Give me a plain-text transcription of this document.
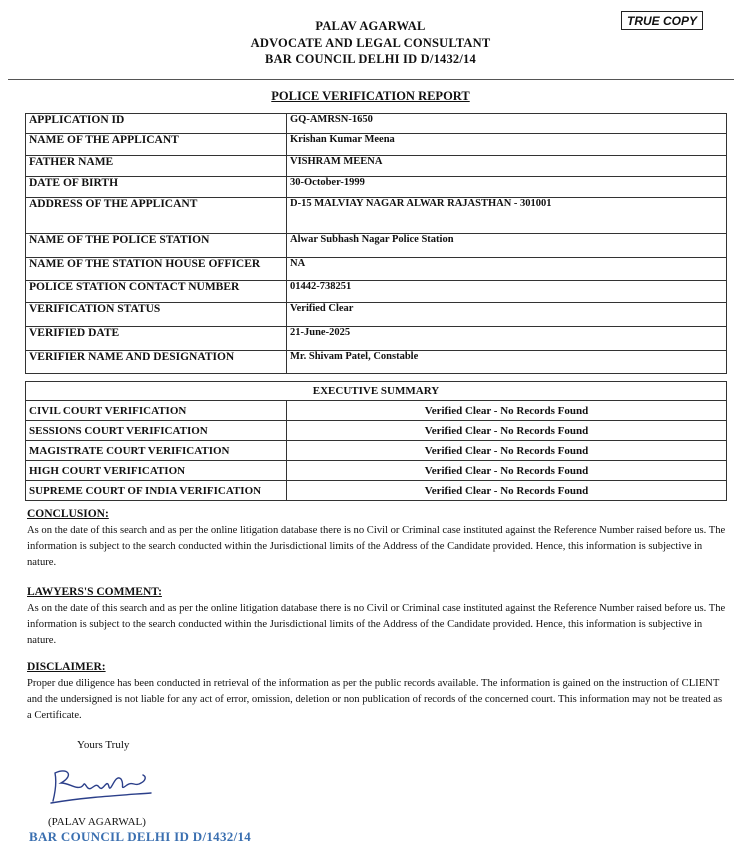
PALAV AGARWAL
ADVOCATE AND LEGAL CONSULTANT
BAR COUNCIL DELHI ID D/1432/14
TRUE COPY
POLICE VERIFICATION REPORT
APPLICATION ID	GQ-AMRSN-1650
NAME OF THE APPLICANT	Krishan Kumar Meena
FATHER NAME	VISHRAM MEENA
DATE OF BIRTH	30-October-1999
ADDRESS OF THE APPLICANT	D-15 MALVIAY NAGAR ALWAR RAJASTHAN - 301001
NAME OF THE POLICE STATION	Alwar Subhash Nagar Police Station
NAME OF THE STATION HOUSE OFFICER	NA
POLICE STATION CONTACT NUMBER	01442-738251
VERIFICATION STATUS	Verified Clear
VERIFIED DATE	21-June-2025
VERIFIER NAME AND DESIGNATION	Mr. Shivam Patel, Constable
EXECUTIVE SUMMARY	
CIVIL COURT VERIFICATION	Verified Clear - No Records Found
SESSIONS COURT VERIFICATION	Verified Clear - No Records Found
MAGISTRATE COURT VERIFICATION	Verified Clear - No Records Found
HIGH COURT VERIFICATION	Verified Clear - No Records Found
SUPREME COURT OF INDIA VERIFICATION	Verified Clear - No Records Found
CONCLUSION:
As on the date of this search and as per the online litigation database there is no Civil or Criminal case instituted against the Reference Number raised before us. The information is subject to the search conducted within the Jurisdictional limits of the Address of the Candidate provided. Hence, this information is subjective in nature.
LAWYERS'S COMMENT:
As on the date of this search and as per the online litigation database there is no Civil or Criminal case instituted against the Reference Number raised before us. The information is subject to the search conducted within the Jurisdictional limits of the Address of the Candidate provided. Hence, this information is subjective in nature.
DISCLAIMER:
Proper due diligence has been conducted in retrieval of the information as per the public records available. The information is gained on the instruction of CLIENT and the undersigned is not liable for any act of error, omission, deletion or non publication of records of the concerned court. This information may not be treated as a Certificate.
Yours Truly
(PALAV AGARWAL)
BAR COUNCIL DELHI ID D/1432/14
